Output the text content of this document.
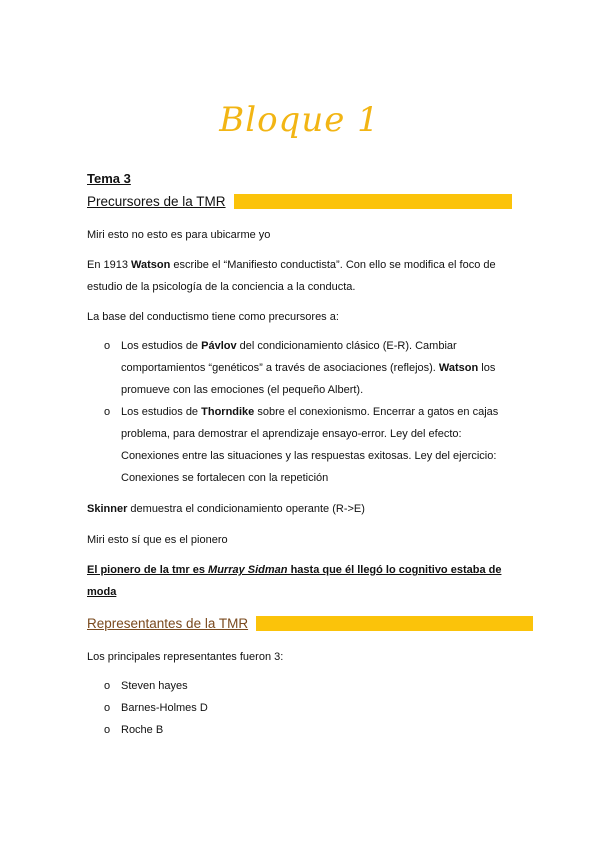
Bloque 1
Tema 3
Precursores de la TMR
Miri esto no esto es para ubicarme yo
En 1913 Watson escribe el “Manifiesto conductista”. Con ello se modifica el foco de estudio de la psicología de la conciencia a la conducta.
La base del conductismo tiene como precursores a:
o Los estudios de Pávlov del condicionamiento clásico (E-R). Cambiar comportamientos “genéticos” a través de asociaciones (reflejos). Watson los promueve con las emociones (el pequeño Albert).
o Los estudios de Thorndike sobre el conexionismo. Encerrar a gatos en cajas problema, para demostrar el aprendizaje ensayo-error. Ley del efecto: Conexiones entre las situaciones y las respuestas exitosas. Ley del ejercicio: Conexiones se fortalecen con la repetición
Skinner demuestra el condicionamiento operante (R->E)
Miri esto sí que es el pionero
El pionero de la tmr es Murray Sidman hasta que él llegó lo cognitivo estaba de moda
Representantes de la TMR
Los principales representantes fueron 3:
o Steven hayes
o Barnes-Holmes D
o Roche B
